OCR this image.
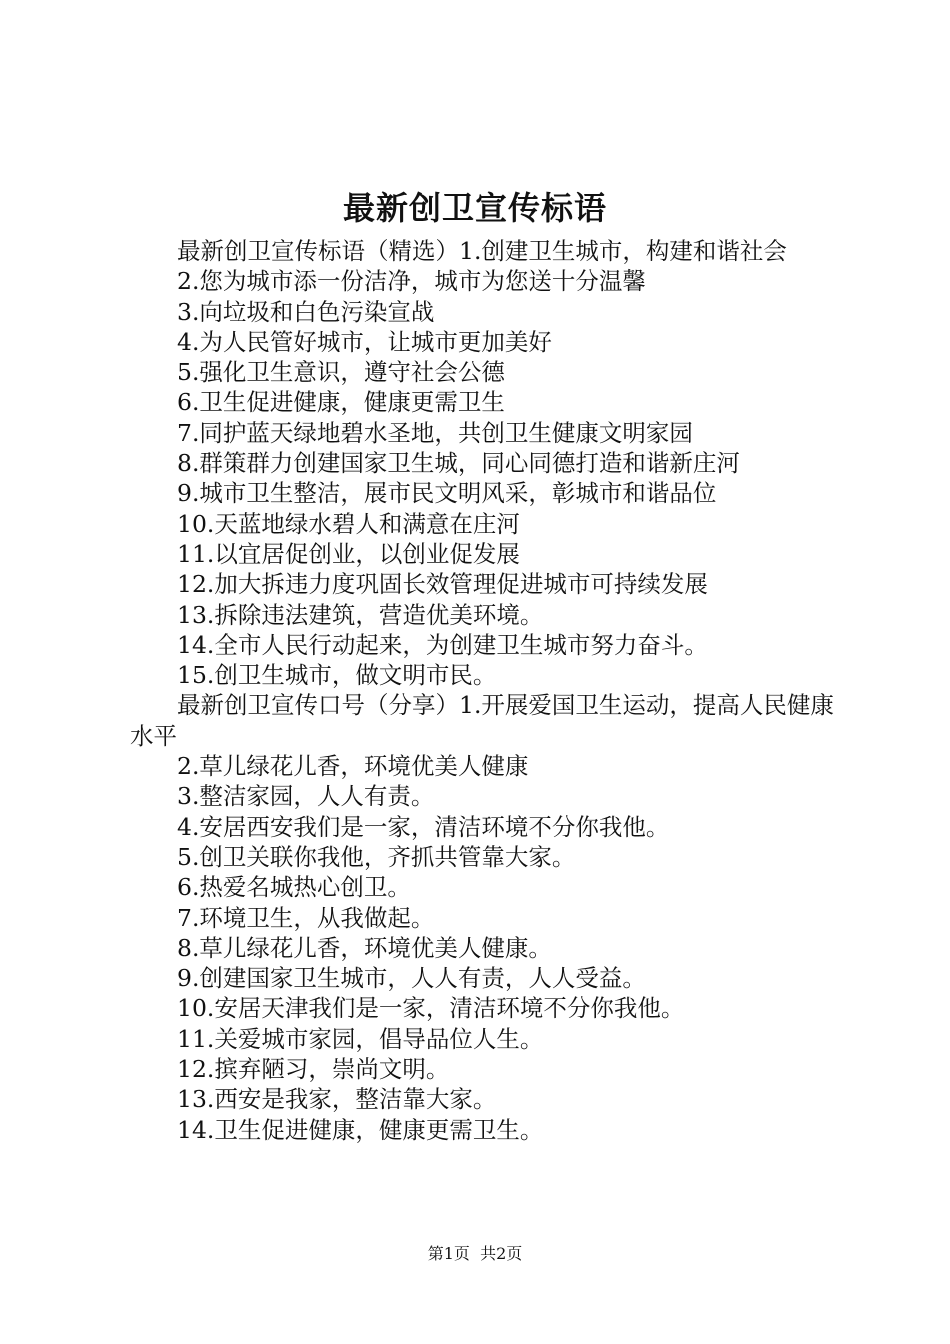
最新创卫宣传标语

最新创卫宣传标语（精选）1.创建卫生城市，构建和谐社会

2.您为城市添一份洁净，城市为您送十分温馨

3.向垃圾和白色污染宣战

4.为人民管好城市，让城市更加美好

5.强化卫生意识，遵守社会公德

6.卫生促进健康，健康更需卫生

7.同护蓝天绿地碧水圣地，共创卫生健康文明家园

8.群策群力创建国家卫生城，同心同德打造和谐新庄河

9.城市卫生整洁，展市民文明风采，彰城市和谐品位

10.天蓝地绿水碧人和满意在庄河

11.以宜居促创业，以创业促发展

12.加大拆违力度巩固长效管理促进城市可持续发展

13.拆除违法建筑，营造优美环境。

14.全市人民行动起来，为创建卫生城市努力奋斗。

15.创卫生城市，做文明市民。

最新创卫宣传口号（分享）1.开展爱国卫生运动，提高人民健康水平

2.草儿绿花儿香，环境优美人健康

3.整洁家园，人人有责。

4.安居西安我们是一家，清洁环境不分你我他。

5.创卫关联你我他，齐抓共管靠大家。

6.热爱名城热心创卫。

7.环境卫生，从我做起。

8.草儿绿花儿香，环境优美人健康。

9.创建国家卫生城市，人人有责，人人受益。

10.安居天津我们是一家，清洁环境不分你我他。

11.关爱城市家园，倡导品位人生。

12.摈弃陋习，崇尚文明。

13.西安是我家，整洁靠大家。

14.卫生促进健康，健康更需卫生。

第1页  共2页
